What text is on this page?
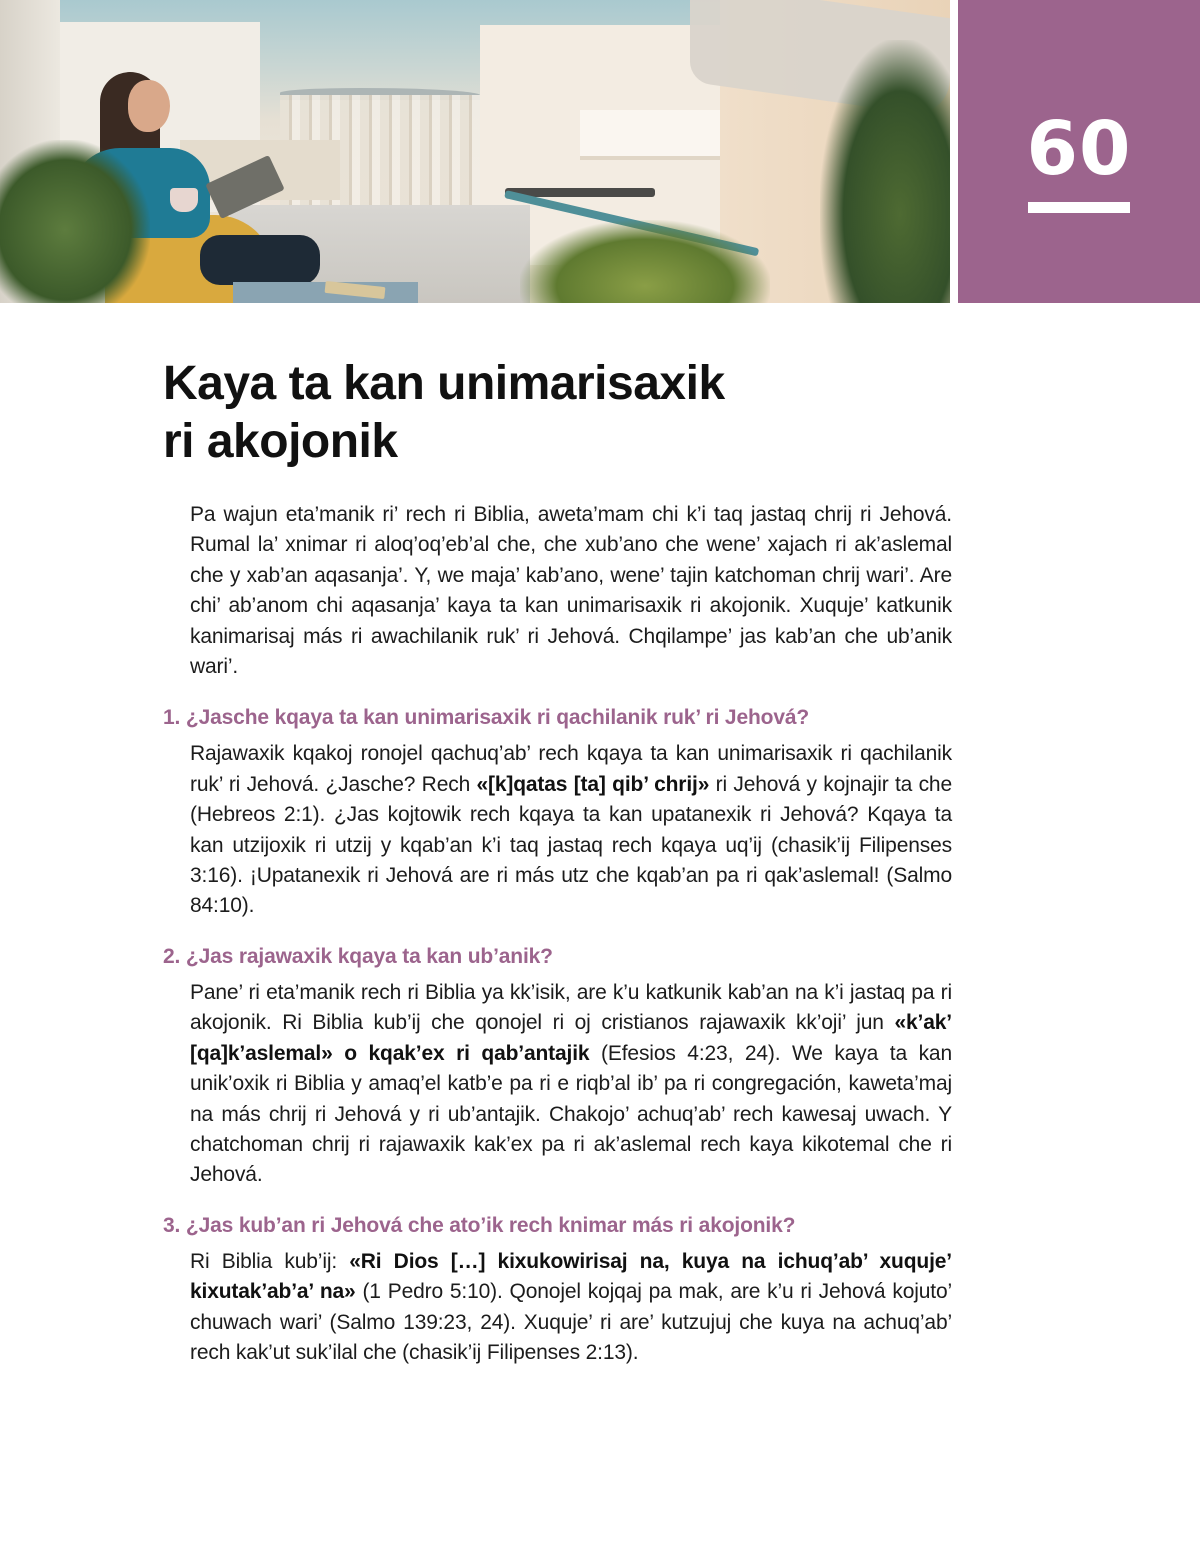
60
Kaya ta kan unimarisaxik
ri akojonik

Pa wajun eta’manik ri’ rech ri Biblia, aweta’mam chi k’i taq jastaq chrij ri Jehová. Rumal la’ xnimar ri aloq’oq’eb’al che, che xub’ano che wene’ xajach ri ak’aslemal che y xab’an aqasanja’. Y, we maja’ kab’ano, wene’ tajin katchoman chrij wari’. Are chi’ ab’anom chi aqasanja’ kaya ta kan unimarisaxik ri akojonik. Xuquje’ katkunik kanimarisaj más ri awachilanik ruk’ ri Jehová. Chqilampe’ jas kab’an che ub’anik wari’.

1. ¿Jasche kqaya ta kan unimarisaxik ri qachilanik ruk’ ri Jehová?

Rajawaxik kqakoj ronojel qachuq’ab’ rech kqaya ta kan unimarisaxik ri qachilanik ruk’ ri Jehová. ¿Jasche? Rech «[k]qatas [ta] qib’ chrij» ri Jehová y kojnajir ta che (Hebreos 2:1). ¿Jas kojtowik rech kqaya ta kan upatanexik ri Jehová? Kqaya ta kan utzijoxik ri utzij y kqab’an k’i taq jastaq rech kqaya uq’ij (chasik’ij Filipenses 3:16). ¡Upatanexik ri Jehová are ri más utz che kqab’an pa ri qak’aslemal! (Salmo 84:10).

2. ¿Jas rajawaxik kqaya ta kan ub’anik?

Pane’ ri eta’manik rech ri Biblia ya kk’isik, are k’u katkunik kab’an na k’i jastaq pa ri akojonik. Ri Biblia kub’ij che qonojel ri oj cristianos rajawaxik kk’oji’ jun «k’ak’ [qa]k’aslemal» o kqak’ex ri qab’antajik (Efesios 4:23, 24). We kaya ta kan unik’oxik ri Biblia y amaq’el katb’e pa ri e riqb’al ib’ pa ri congregación, kaweta’maj na más chrij ri Jehová y ri ub’antajik. Chakojo’ achuq’ab’ rech kawesaj uwach. Y chatchoman chrij ri rajawaxik kak’ex pa ri ak’aslemal rech kaya kikotemal che ri Jehová.

3. ¿Jas kub’an ri Jehová che ato’ik rech knimar más ri akojonik?

Ri Biblia kub’ij: «Ri Dios […] kixukowirisaj na, kuya na ichuq’ab’ xuquje’ kixutak’ab’a’ na» (1 Pedro 5:10). Qonojel kojqaj pa mak, are k’u ri Jehová kojuto’ chuwach wari’ (Salmo 139:23, 24). Xuquje’ ri are’ kutzujuj che kuya na achuq’ab’ rech kak’ut suk’ilal che (chasik’ij Filipenses 2:13).
